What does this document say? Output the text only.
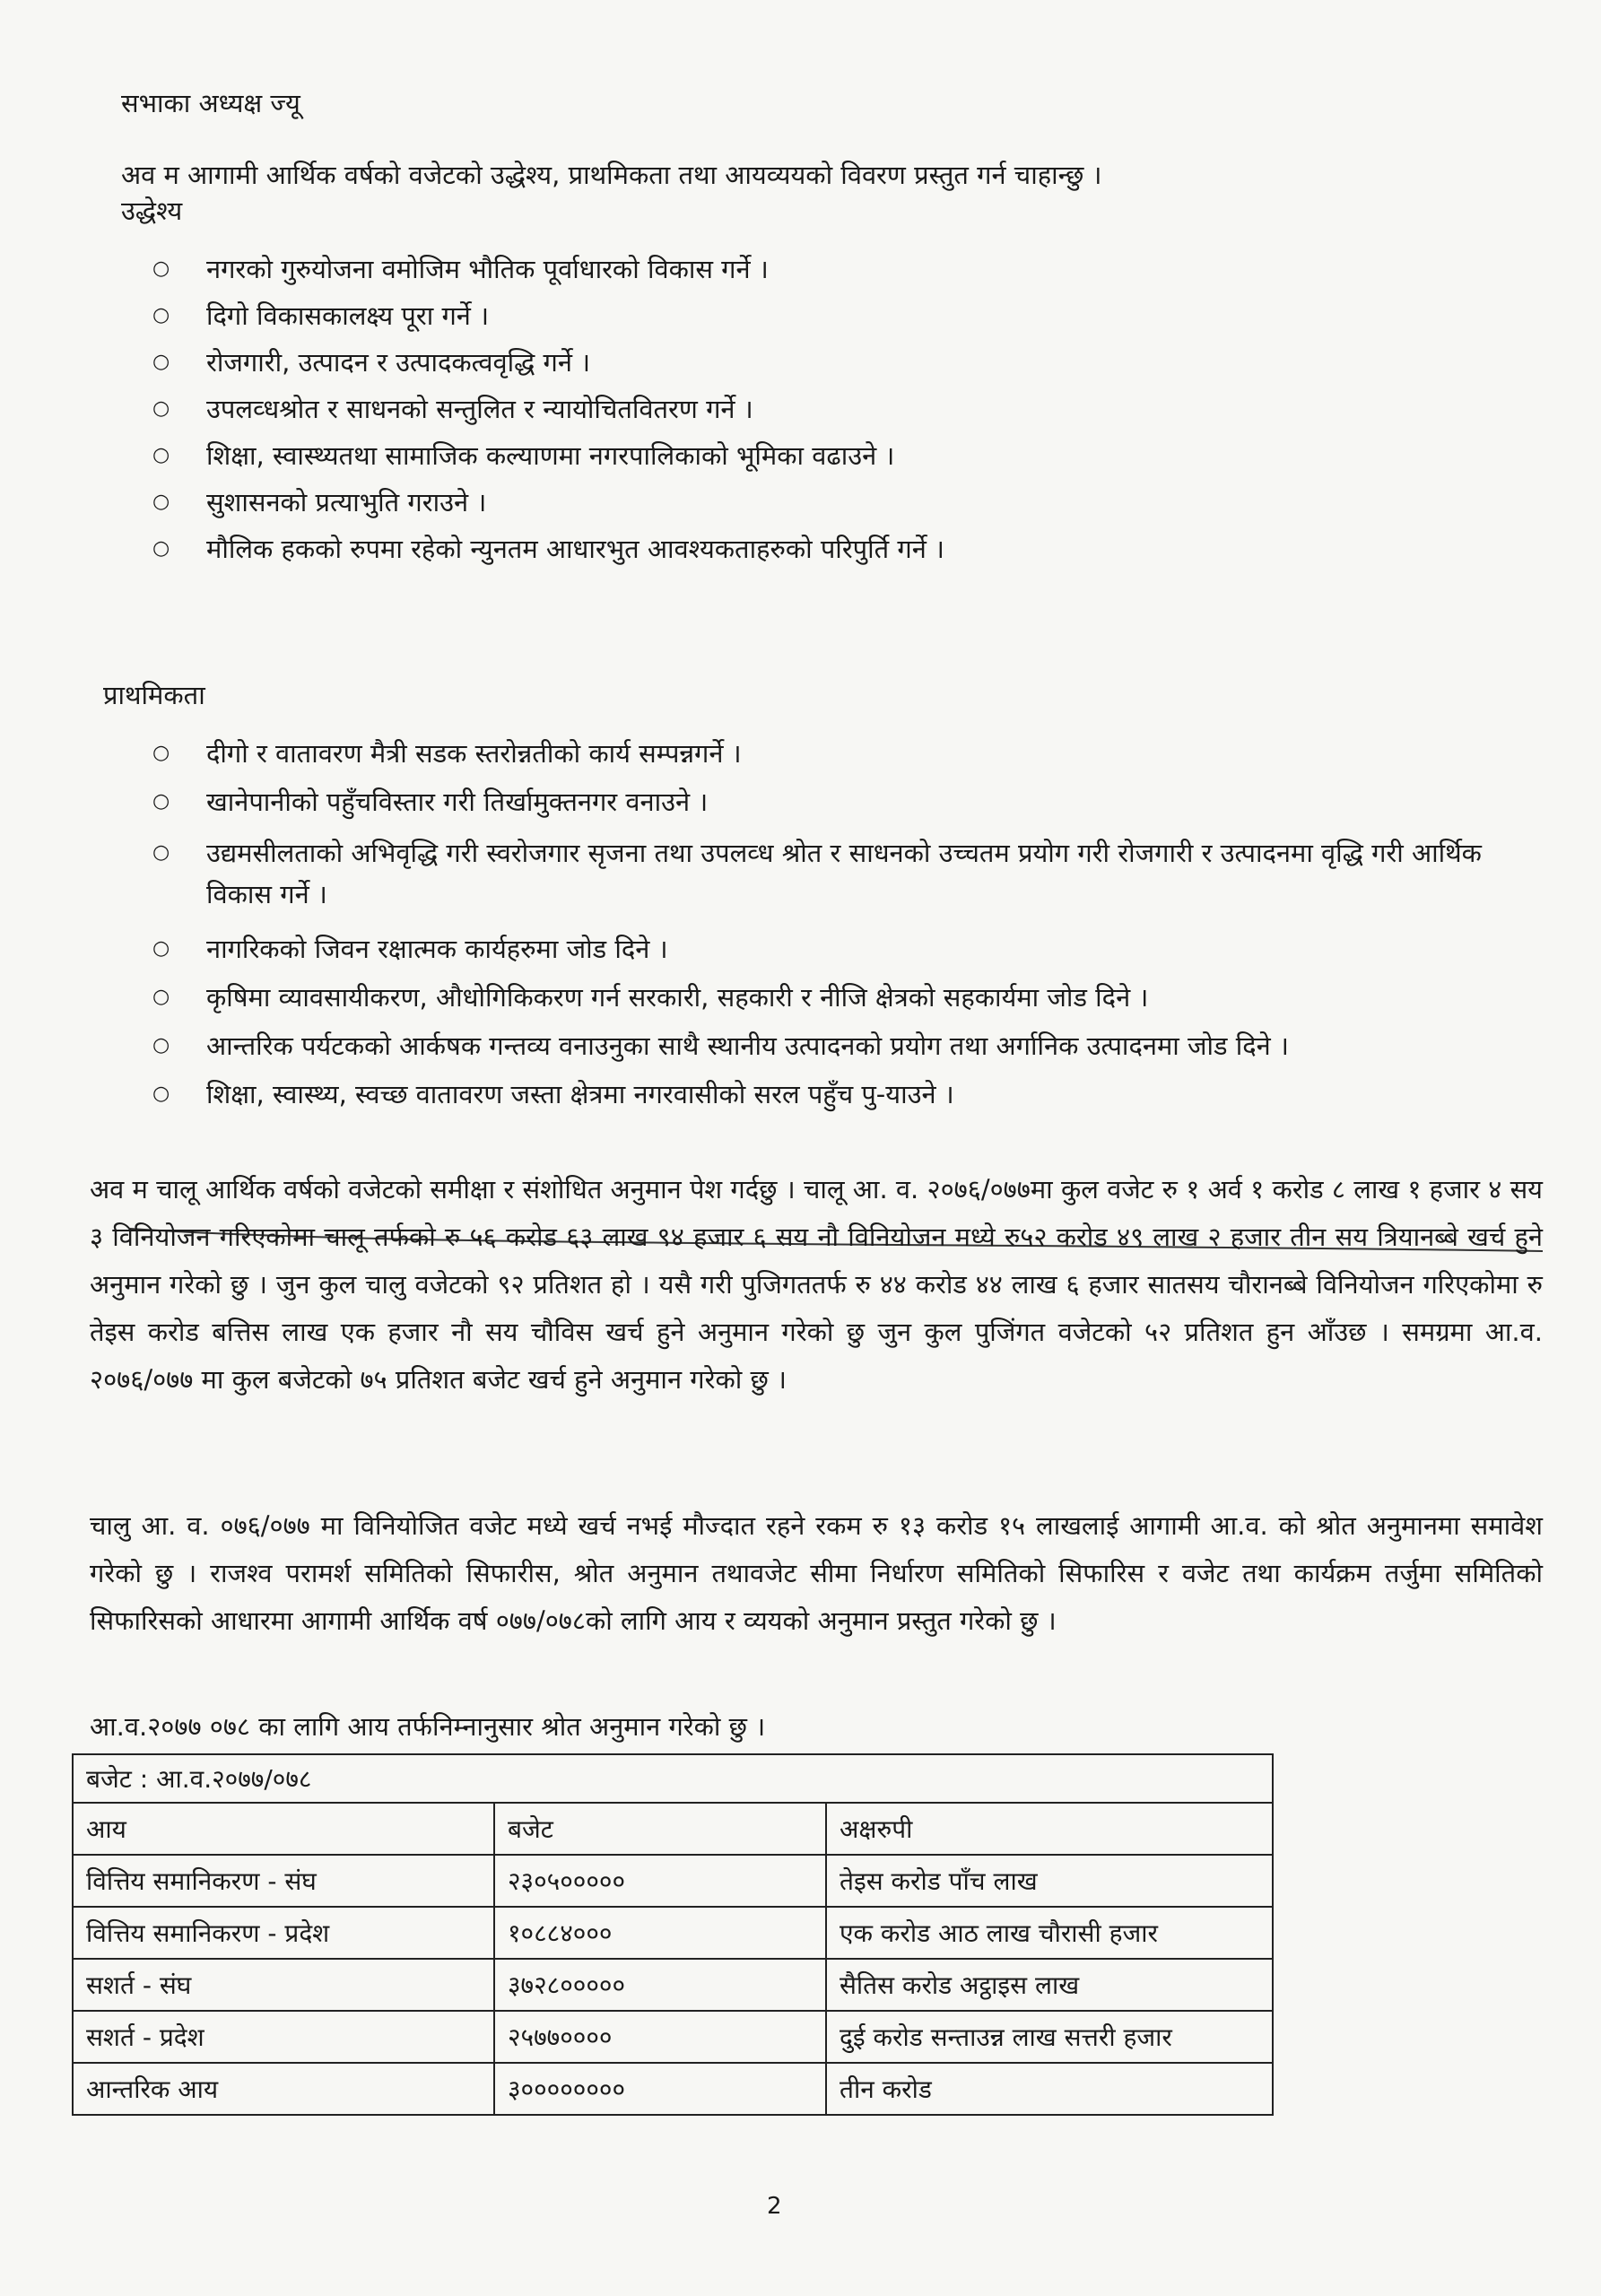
सभाका अध्यक्ष ज्यू
अव म आगामी आर्थिक वर्षको वजेटको उद्धेश्य, प्राथमिकता तथा आयव्ययको विवरण प्रस्तुत गर्न चाहान्छु ।
उद्धेश्य
○ नगरको गुरुयोजना वमोजिम भौतिक पूर्वाधारको विकास गर्ने ।
○ दिगो विकासकालक्ष्य पूरा गर्ने ।
○ रोजगारी, उत्पादन र उत्पादकत्ववृद्धि गर्ने ।
○ उपलव्धश्रोत र साधनको सन्तुलित र न्यायोचितवितरण गर्ने ।
○ शिक्षा, स्वास्थ्यतथा सामाजिक कल्याणमा नगरपालिकाको भूमिका वढाउने ।
○ सुशासनको प्रत्याभुति गराउने ।
○ मौलिक हकको रुपमा रहेको न्युनतम आधारभुत आवश्यकताहरुको परिपुर्ति गर्ने ।
प्राथमिकता
○ दीगो र वातावरण मैत्री सडक स्तरोन्नतीको कार्य सम्पन्नगर्ने ।
○ खानेपानीको पहुँचविस्तार गरी तिर्खामुक्तनगर वनाउने ।
○ उद्यमसीलताको अभिवृद्धि गरी स्वरोजगार सृजना तथा उपलव्ध श्रोत र साधनको उच्चतम प्रयोग गरी रोजगारी र उत्पादनमा वृद्धि गरी आर्थिक विकास गर्ने ।
○ नागरिकको जिवन रक्षात्मक कार्यहरुमा जोड दिने ।
○ कृषिमा व्यावसायीकरण, औधोगिकिकरण गर्न सरकारी, सहकारी र नीजि क्षेत्रको सहकार्यमा जोड दिने ।
○ आन्तरिक पर्यटकको आर्कषक गन्तव्य वनाउनुका साथै स्थानीय उत्पादनको प्रयोग तथा अर्गानिक उत्पादनमा जोड दिने ।
○ शिक्षा, स्वास्थ्य, स्वच्छ वातावरण जस्ता क्षेत्रमा नगरवासीको सरल पहुँच पु-याउने ।
अव म चालू आर्थिक वर्षको वजेटको समीक्षा र संशोधित अनुमान पेश गर्दछु । चालू आ. व. २०७६/०७७मा कुल वजेट रु १ अर्व १ करोड ८ लाख १ हजार ४ सय ३ विनियोजन गरिएकोमा चालू तर्फको रु ५६ करोड ६३ लाख ९४ हजार ६ सय नौ विनियोजन मध्ये रु५२ करोड ४९ लाख २ हजार तीन सय त्रियानब्बे खर्च हुने अनुमान गरेको छु । जुन कुल चालु वजेटको ९२ प्रतिशत हो । यसै गरी पुजिगततर्फ रु ४४ करोड ४४ लाख ६ हजार सातसय चौरानब्बे विनियोजन गरिएकोमा रु तेइस करोड बत्तिस लाख एक हजार नौ सय चौविस खर्च हुने अनुमान गरेको छु जुन कुल पुजिंगत वजेटको ५२ प्रतिशत हुन आँउछ । समग्रमा आ.व. २०७६/०७७ मा कुल बजेटको ७५ प्रतिशत बजेट खर्च हुने अनुमान गरेको छु ।
चालु आ. व. ०७६/०७७ मा विनियोजित वजेट मध्ये खर्च नभई मौज्दात रहने रकम रु १३ करोड १५ लाखलाई आगामी आ.व. को श्रोत अनुमानमा समावेश गरेको छु । राजश्व परामर्श समितिको सिफारीस, श्रोत अनुमान तथावजेट सीमा निर्धारण समितिको सिफारिस र वजेट तथा कार्यक्रम तर्जुमा समितिको सिफारिसको आधारमा आगामी आर्थिक वर्ष ०७७/०७८को लागि आय र व्ययको अनुमान प्रस्तुत गरेको छु ।
आ.व.२०७७ ०७८ का लागि आय तर्फनिम्नानुसार श्रोत अनुमान गरेको छु ।
बजेट : आ.व.२०७७/०७८		
आय	बजेट	अक्षरुपी
वित्तिय समानिकरण - संघ	२३०५०००००	तेइस करोड पाँच लाख
वित्तिय समानिकरण - प्रदेश	१०८८४०००	एक करोड आठ लाख चौरासी हजार
सशर्त - संघ	३७२८०००००	सैतिस करोड अट्ठाइस लाख
सशर्त - प्रदेश	२५७७००००	दुई करोड सन्ताउन्न लाख सत्तरी हजार
आन्तरिक आय	३००००००००	तीन करोड
2
